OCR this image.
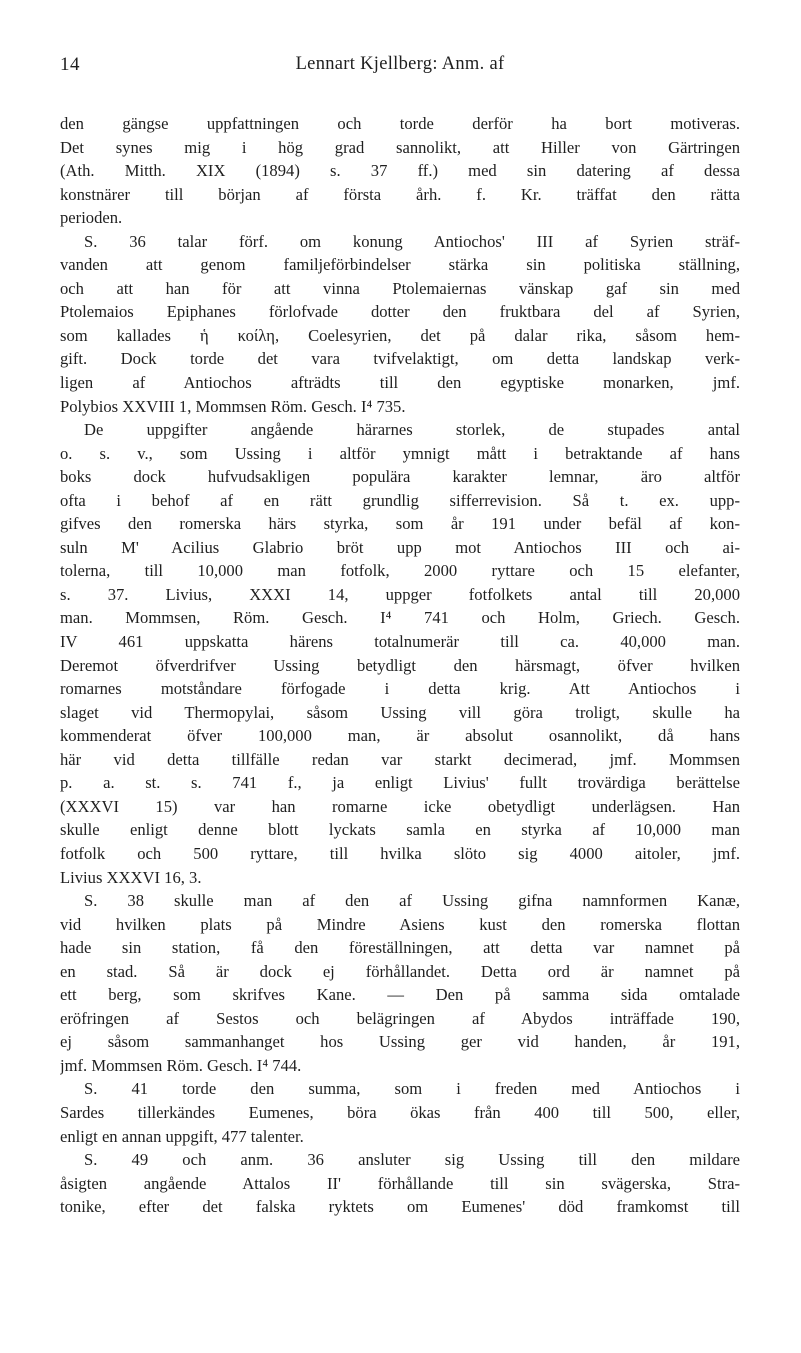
14	Lennart Kjellberg: Anm. af
den gängse uppfattningen och torde derför ha bort motiveras.
Det synes mig i hög grad sannolikt, att Hiller von Gärtringen
(Ath. Mitth. XIX (1894) s. 37 ff.) med sin datering af dessa
konstnärer till början af första årh. f. Kr. träffat den rätta
perioden.
S. 36 talar förf. om konung Antiochos' III af Syrien sträf-
vanden att genom familjeförbindelser stärka sin politiska ställning,
och att han för att vinna Ptolemaiernas vänskap gaf sin med
Ptolemaios Epiphanes förlofvade dotter den fruktbara del af Syrien,
som kallades ἡ κοίλη, Coelesyrien, det på dalar rika, såsom hem-
gift. Dock torde det vara tvifvelaktigt, om detta landskap verk-
ligen af Antiochos afträdts till den egyptiske monarken, jmf.
Polybios XXVIII 1, Mommsen Röm. Gesch. I⁴ 735.
De uppgifter angående härarnes storlek, de stupades antal
o. s. v., som Ussing i altför ymnigt mått i betraktande af hans
boks dock hufvudsakligen populära karakter lemnar, äro altför
ofta i behof af en rätt grundlig sifferrevision. Så t. ex. upp-
gifves den romerska härs styrka, som år 191 under befäl af kon-
suln M' Acilius Glabrio bröt upp mot Antiochos III och ai-
tolerna, till 10,000 man fotfolk, 2000 ryttare och 15 elefanter,
s. 37. Livius, XXXI 14, uppger fotfolkets antal till 20,000
man. Mommsen, Röm. Gesch. I⁴ 741 och Holm, Griech. Gesch.
IV 461 uppskatta härens totalnumerär till ca. 40,000 man.
Deremot öfverdrifver Ussing betydligt den härsmagt, öfver hvilken
romarnes motståndare förfogade i detta krig. Att Antiochos i
slaget vid Thermopylai, såsom Ussing vill göra troligt, skulle ha
kommenderat öfver 100,000 man, är absolut osannolikt, då hans
här vid detta tillfälle redan var starkt decimerad, jmf. Mommsen
p. a. st. s. 741 f., ja enligt Livius' fullt trovärdiga berättelse
(XXXVI 15) var han romarne icke obetydligt underlägsen. Han
skulle enligt denne blott lyckats samla en styrka af 10,000 man
fotfolk och 500 ryttare, till hvilka slöto sig 4000 aitoler, jmf.
Livius XXXVI 16, 3.
S. 38 skulle man af den af Ussing gifna namnformen Kanæ,
vid hvilken plats på Mindre Asiens kust den romerska flottan
hade sin station, få den föreställningen, att detta var namnet på
en stad. Så är dock ej förhållandet. Detta ord är namnet på
ett berg, som skrifves Kane. — Den på samma sida omtalade
eröfringen af Sestos och belägringen af Abydos inträffade 190,
ej såsom sammanhanget hos Ussing ger vid handen, år 191,
jmf. Mommsen Röm. Gesch. I⁴ 744.
S. 41 torde den summa, som i freden med Antiochos i
Sardes tillerkändes Eumenes, böra ökas från 400 till 500, eller,
enligt en annan uppgift, 477 talenter.
S. 49 och anm. 36 ansluter sig Ussing till den mildare
åsigten angående Attalos II' förhållande till sin svägerska, Stra-
tonike, efter det falska ryktets om Eumenes' död framkomst till
